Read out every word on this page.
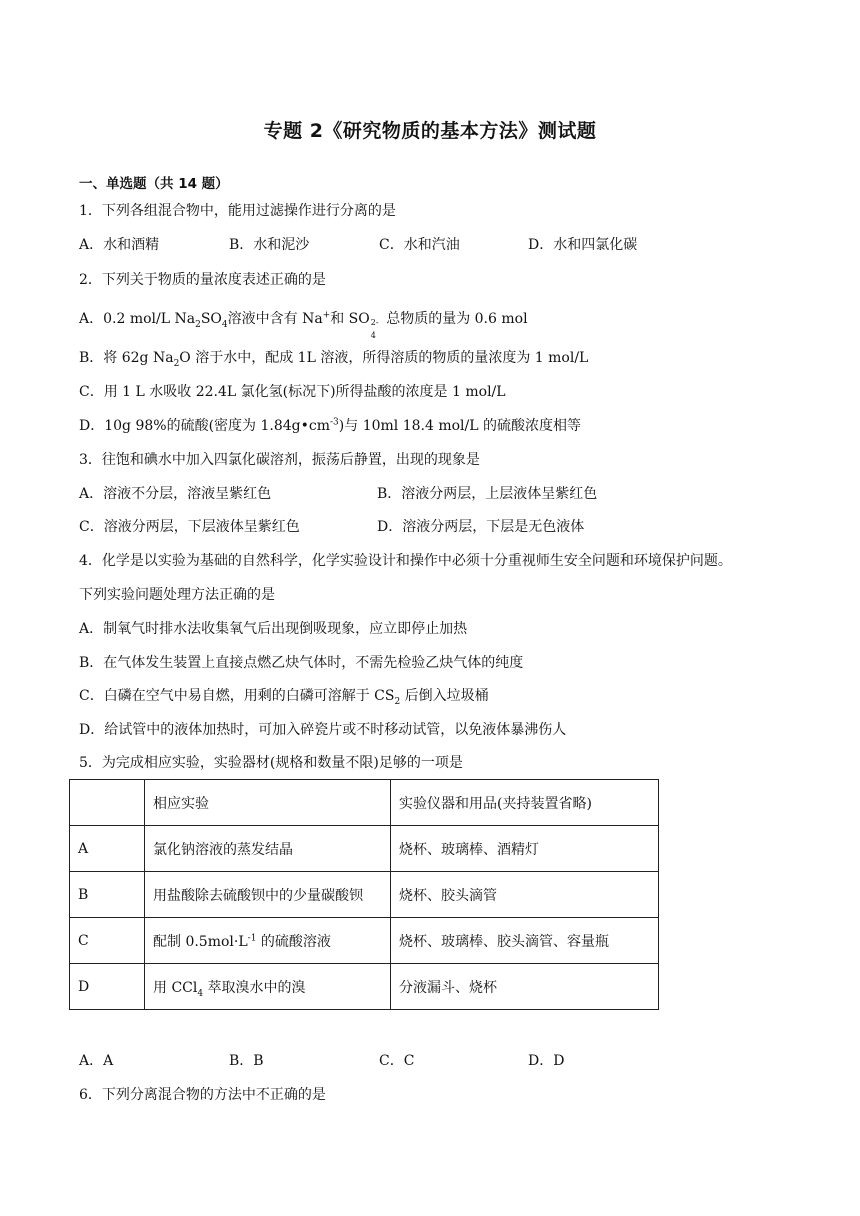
专题 2《研究物质的基本方法》测试题
一、单选题（共 14 题）
1．下列各组混合物中，能用过滤操作进行分离的是
A．水和酒精	B．水和泥沙	C．水和汽油	D．水和四氯化碳
2．下列关于物质的量浓度表述正确的是
A．0.2 mol/L $Na_2SO_4$溶液中含有 Na+和 SO 2-
4
总物质的量为 0.6 mol
B．将 62g $Na_2O$ 溶于水中，配成 1L 溶液，所得溶质的物质的量浓度为 1 mol/L
C．用 1 L 水吸收 22.4L 氯化氢(标况下)所得盐酸的浓度是 1 mol/L
D．10g 98%的硫酸(密度为 $1.84g•cm^{-3}$)与 10ml 18.4 mol/L 的硫酸浓度相等
3．往饱和碘水中加入四氯化碳溶剂，振荡后静置，出现的现象是
A．溶液不分层，溶液呈紫红色	B．溶液分两层，上层液体呈紫红色
C．溶液分两层，下层液体呈紫红色	D．溶液分两层，下层是无色液体
4．化学是以实验为基础的自然科学，化学实验设计和操作中必须十分重视师生安全问题和环境保护问题。
下列实验问题处理方法正确的是
A．制氧气时排水法收集氧气后出现倒吸现象，应立即停止加热
B．在气体发生装置上直接点燃乙炔气体时，不需先检验乙炔气体的纯度
C．白磷在空气中易自燃，用剩的白磷可溶解于 $CS_2$ 后倒入垃圾桶
D．给试管中的液体加热时，可加入碎瓷片或不时移动试管，以免液体暴沸伤人
5．为完成相应实验，实验器材(规格和数量不限)足够的一项是
	相应实验	实验仪器和用品(夹持装置省略)
A	氯化钠溶液的蒸发结晶	烧杯、玻璃棒、酒精灯
B	用盐酸除去硫酸钡中的少量碳酸钡	烧杯、胶头滴管
C	配制 $0.5mol\cdot L^{-1}$ 的硫酸溶液	烧杯、玻璃棒、胶头滴管、容量瓶
D	用 CCl$_4$ 萃取溴水中的溴	分液漏斗、烧杯
A．A	B．B	C．C	D．D
6．下列分离混合物的方法中不正确的是
